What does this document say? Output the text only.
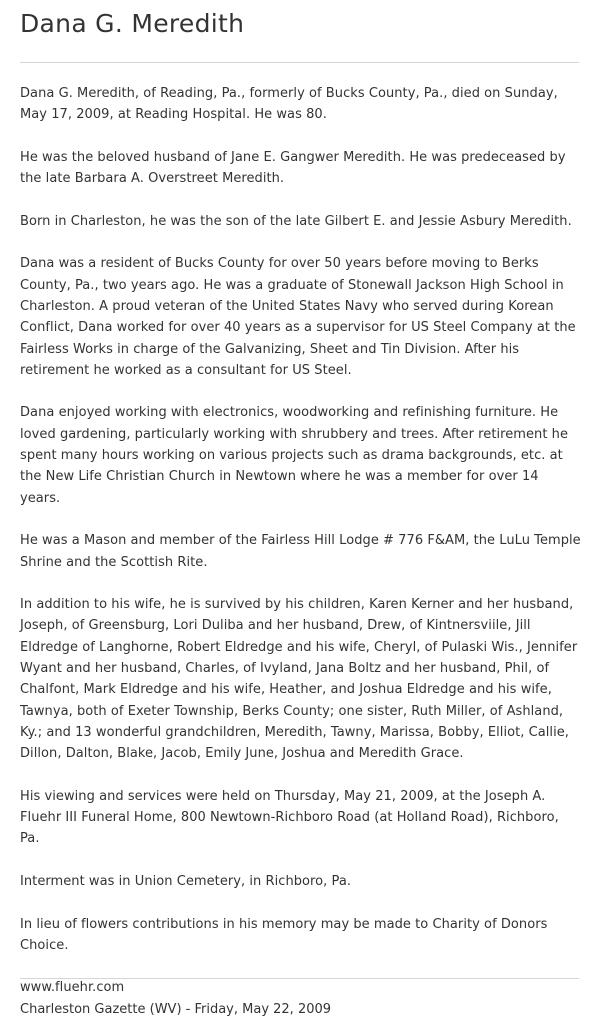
Dana G. Meredith

Dana G. Meredith, of Reading, Pa., formerly of Bucks County, Pa., died on Sunday, May 17, 2009, at Reading Hospital. He was 80.

He was the beloved husband of Jane E. Gangwer Meredith. He was predeceased by the late Barbara A. Overstreet Meredith.

Born in Charleston, he was the son of the late Gilbert E. and Jessie Asbury Meredith.

Dana was a resident of Bucks County for over 50 years before moving to Berks County, Pa., two years ago. He was a graduate of Stonewall Jackson High School in Charleston. A proud veteran of the United States Navy who served during Korean Conflict, Dana worked for over 40 years as a supervisor for US Steel Company at the Fairless Works in charge of the Galvanizing, Sheet and Tin Division. After his retirement he worked as a consultant for US Steel.

Dana enjoyed working with electronics, woodworking and refinishing furniture. He loved gardening, particularly working with shrubbery and trees. After retirement he spent many hours working on various projects such as drama backgrounds, etc. at the New Life Christian Church in Newtown where he was a member for over 14 years.

He was a Mason and member of the Fairless Hill Lodge # 776 F&AM, the LuLu Temple Shrine and the Scottish Rite.

In addition to his wife, he is survived by his children, Karen Kerner and her husband, Joseph, of Greensburg, Lori Duliba and her husband, Drew, of Kintnersviile, Jill Eldredge of Langhorne, Robert Eldredge and his wife, Cheryl, of Pulaski Wis., Jennifer Wyant and her husband, Charles, of Ivyland, Jana Boltz and her husband, Phil, of Chalfont, Mark Eldredge and his wife, Heather, and Joshua Eldredge and his wife, Tawnya, both of Exeter Township, Berks County; one sister, Ruth Miller, of Ashland, Ky.; and 13 wonderful grandchildren, Meredith, Tawny, Marissa, Bobby, Elliot, Callie, Dillon, Dalton, Blake, Jacob, Emily June, Joshua and Meredith Grace.

His viewing and services were held on Thursday, May 21, 2009, at the Joseph A. Fluehr III Funeral Home, 800 Newtown-Richboro Road (at Holland Road), Richboro, Pa.

Interment was in Union Cemetery, in Richboro, Pa.

In lieu of flowers contributions in his memory may be made to Charity of Donors Choice.

www.fluehr.com

Charleston Gazette (WV) - Friday, May 22, 2009
